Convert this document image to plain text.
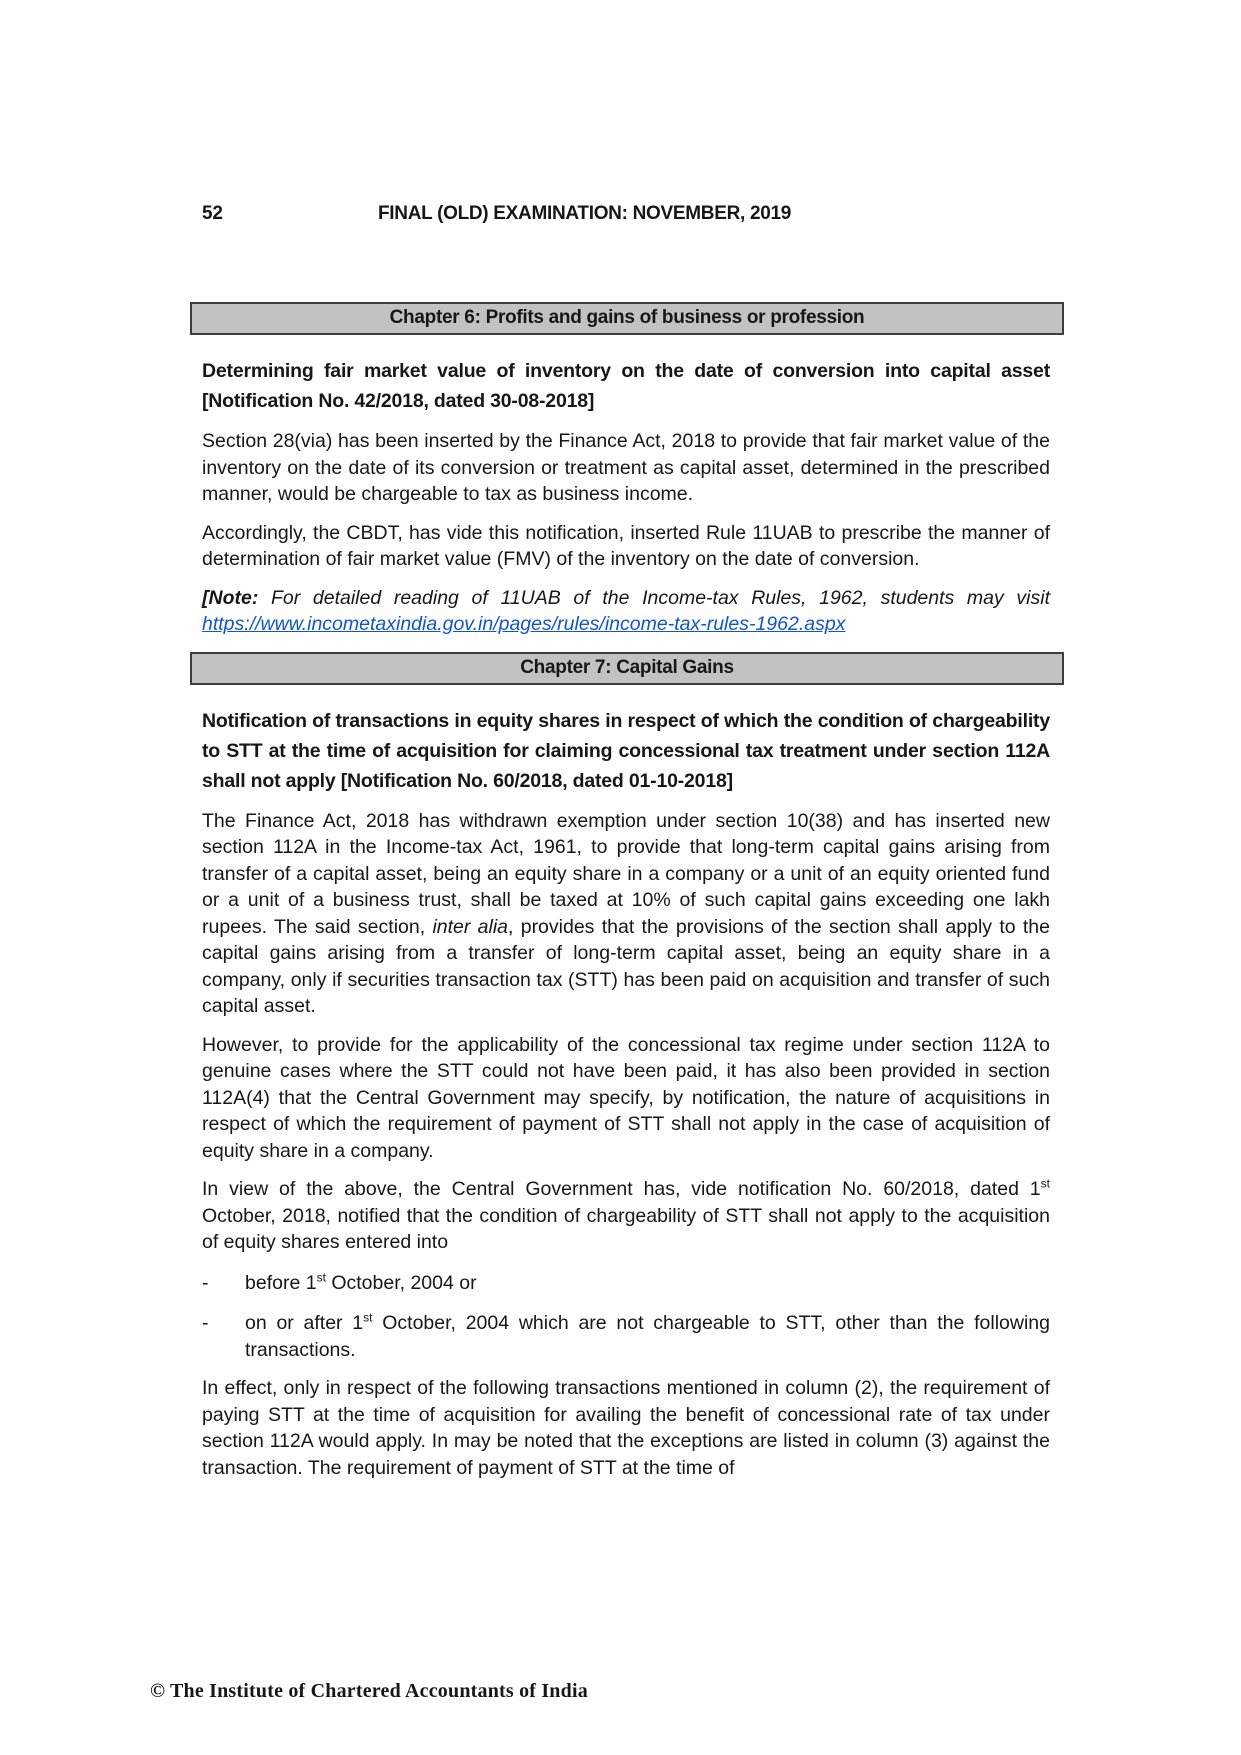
52	FINAL (OLD) EXAMINATION: NOVEMBER, 2019
Chapter 6: Profits and gains of business or profession
Determining fair market value of inventory on the date of conversion into capital asset [Notification No. 42/2018, dated 30-08-2018]
Section 28(via) has been inserted by the Finance Act, 2018 to provide that fair market value of the inventory on the date of its conversion or treatment as capital asset, determined in the prescribed manner, would be chargeable to tax as business income.
Accordingly, the CBDT, has vide this notification, inserted Rule 11UAB to prescribe the manner of determination of fair market value (FMV) of the inventory on the date of conversion.
[Note: For detailed reading of 11UAB of the Income-tax Rules, 1962, students may visit https://www.incometaxindia.gov.in/pages/rules/income-tax-rules-1962.aspx
Chapter 7: Capital Gains
Notification of transactions in equity shares in respect of which the condition of chargeability to STT at the time of acquisition for claiming concessional tax treatment under section 112A shall not apply [Notification No. 60/2018, dated 01-10-2018]
The Finance Act, 2018 has withdrawn exemption under section 10(38) and has inserted new section 112A in the Income-tax Act, 1961, to provide that long-term capital gains arising from transfer of a capital asset, being an equity share in a company or a unit of an equity oriented fund or a unit of a business trust, shall be taxed at 10% of such capital gains exceeding one lakh rupees. The said section, inter alia, provides that the provisions of the section shall apply to the capital gains arising from a transfer of long-term capital asset, being an equity share in a company, only if securities transaction tax (STT) has been paid on acquisition and transfer of such capital asset.
However, to provide for the applicability of the concessional tax regime under section 112A to genuine cases where the STT could not have been paid, it has also been provided in section 112A(4) that the Central Government may specify, by notification, the nature of acquisitions in respect of which the requirement of payment of STT shall not apply in the case of acquisition of equity share in a company.
In view of the above, the Central Government has, vide notification No. 60/2018, dated 1st October, 2018, notified that the condition of chargeability of STT shall not apply to the acquisition of equity shares entered into
-	before 1st October, 2004 or
-	on or after 1st October, 2004 which are not chargeable to STT, other than the following transactions.
In effect, only in respect of the following transactions mentioned in column (2), the requirement of paying STT at the time of acquisition for availing the benefit of concessional rate of tax under section 112A would apply. In may be noted that the exceptions are listed in column (3) against the transaction. The requirement of payment of STT at the time of
© The Institute of Chartered Accountants of India
